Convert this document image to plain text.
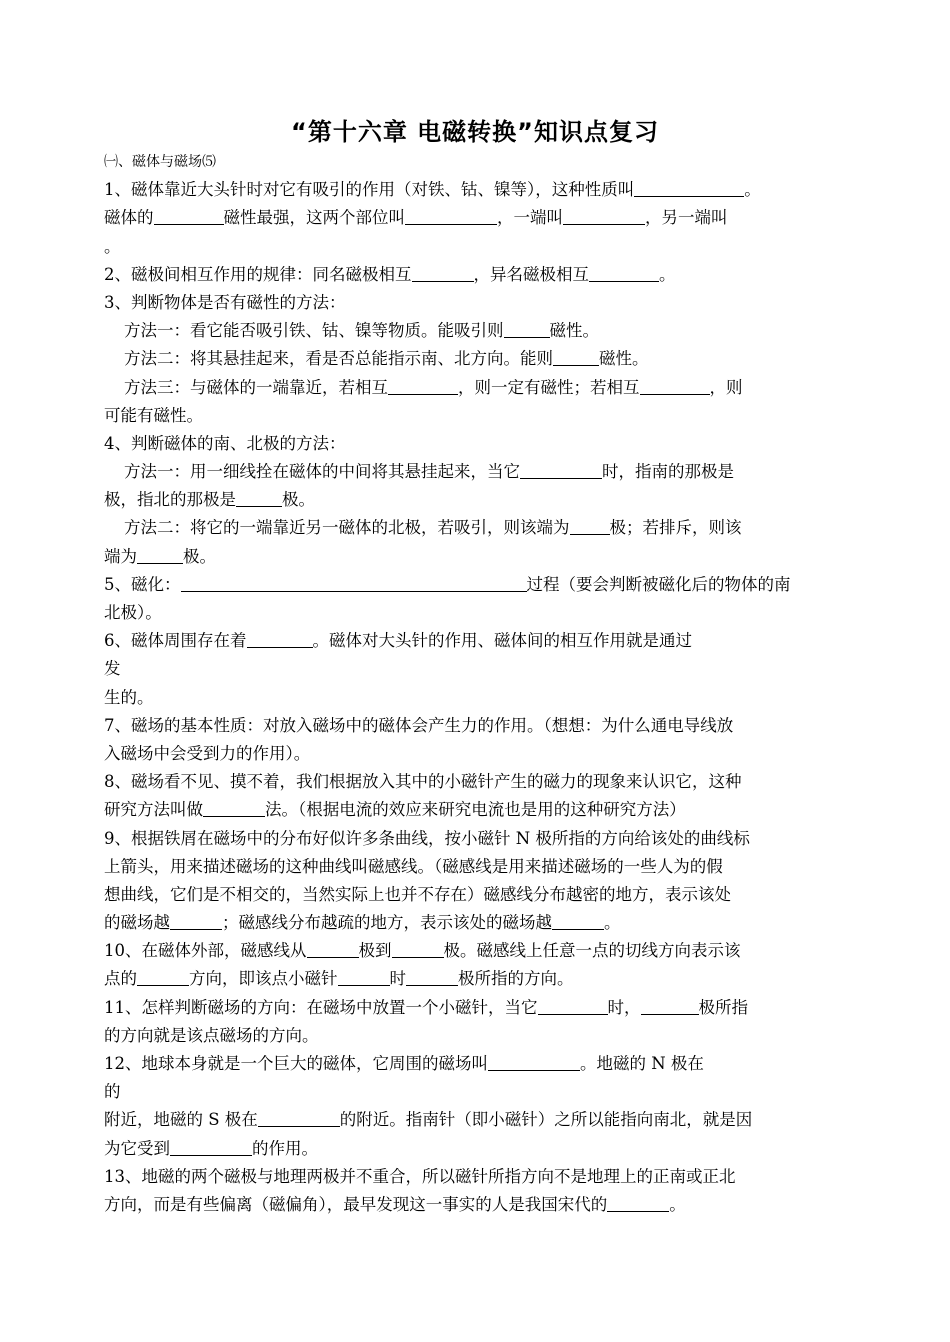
“第十六章 电磁转换”知识点复习
㈠、磁体与磁场⑸
1、磁体靠近大头针时对它有吸引的作用（对铁、钴、镍等），这种性质叫	。
磁体的	磁性最强，这两个部位叫	，一端叫	，另一端叫
。
2、磁极间相互作用的规律：同名磁极相互	，异名磁极相互	。
3、判断物体是否有磁性的方法：
方法一：看它能否吸引铁、钴、镍等物质。能吸引则	磁性。
方法二：将其悬挂起来，看是否总能指示南、北方向。能则	磁性。
方法三：与磁体的一端靠近，若相互	，则一定有磁性；若相互	，则
可能有磁性。
4、判断磁体的南、北极的方法：
方法一：用一细线拴在磁体的中间将其悬挂起来，当它	时，指南的那极是
极，指北的那极是	极。
方法二：将它的一端靠近另一磁体的北极，若吸引，则该端为 极；若排斥，则该
端为	极。
5、磁化：	过程（要会判断被磁化后的物体的南
北极）。
6、磁体周围存在着	。磁体对大头针的作用、磁体间的相互作用就是通过
发
生的。
7、磁场的基本性质：对放入磁场中的磁体会产生力的作用。（想想：为什么通电导线放
入磁场中会受到力的作用）。
8、磁场看不见、摸不着，我们根据放入其中的小磁针产生的磁力的现象来认识它，这种
研究方法叫做	法。（根据电流的效应来研究电流也是用的这种研究方法）
9、根据铁屑在磁场中的分布好似许多条曲线，按小磁针 N 极所指的方向给该处的曲线标
上箭头，用来描述磁场的这种曲线叫磁感线。（磁感线是用来描述磁场的一些人为的假
想曲线，它们是不相交的，当然实际上也并不存在）磁感线分布越密的地方，表示该处
的磁场越	；磁感线分布越疏的地方，表示该处的磁场越	。
10、在磁体外部，磁感线从	极到	极。磁感线上任意一点的切线方向表示该
点的	方向，即该点小磁针	时	极所指的方向。
11、怎样判断磁场的方向：在磁场中放置一个小磁针，当它	时，	极所指
的方向就是该点磁场的方向。
12、地球本身就是一个巨大的磁体，它周围的磁场叫	。地磁的 N 极在
的
附近，地磁的 S 极在	的附近。指南针（即小磁针）之所以能指向南北，就是因
为它受到	的作用。
13、地磁的两个磁极与地理两极并不重合，所以磁针所指方向不是地理上的正南或正北
方向，而是有些偏离（磁偏角），最早发现这一事实的人是我国宋代的	。
